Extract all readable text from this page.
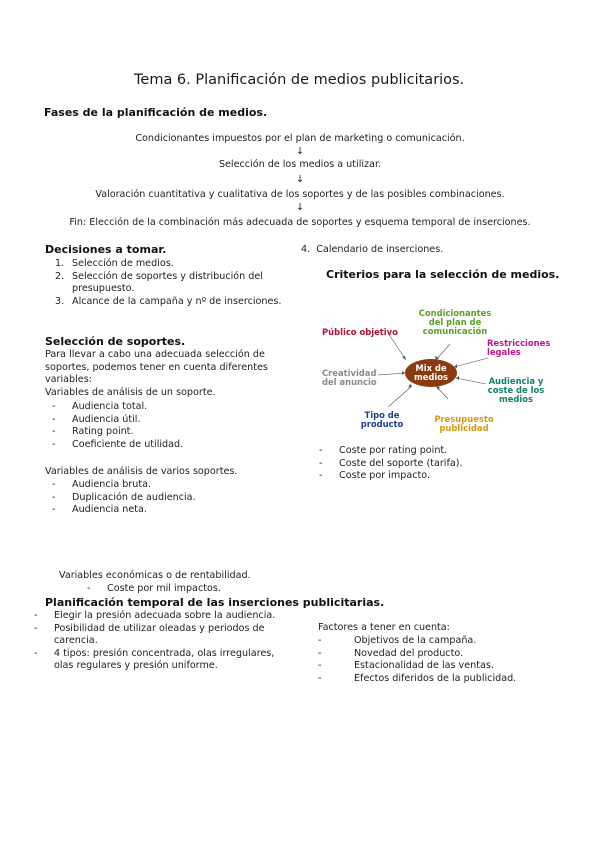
Tema 6. Planificación de medios publicitarios.
Fases de la planificación de medios.
Condicionantes impuestos por el plan de marketing o comunicación.
↓
Selección de los medios a utilizar.
↓
Valoración cuantitativa y cualitativa de los soportes y de las posibles combinaciones.
↓
Fin: Elección de la combinación más adecuada de soportes y esquema temporal de inserciones.
Decisiones a tomar.
1. Selección de medios.
2. Selección de soportes y distribución del
presupuesto.
3. Alcance de la campaña y nº de inserciones.
4. Calendario de inserciones.
Criterios para la selección de medios.
Mix de
medios
Público objetivo
Condicionantes
del plan de
comunicación
Restricciones
legales
Audiencia y
coste de los
medios
Presupuesto
publicidad
Tipo de
producto
Creatividad
del anuncio
- Coste por rating point.
- Coste del soporte (tarifa).
- Coste por impacto.
Selección de soportes.
Para llevar a cabo una adecuada selección de
soportes, podemos tener en cuenta diferentes
variables:
Variables de análisis de un soporte.
- Audiencia total.
- Audiencia útil.
- Rating point.
- Coeficiente de utilidad.
Variables de análisis de varios soportes.
- Audiencia bruta.
- Duplicación de audiencia.
- Audiencia neta.
Variables económicas o de rentabilidad.
- Coste por mil impactos.
Planificación temporal de las inserciones publicitarias.
- Elegir la presión adecuada sobre la audiencia.
- Posibilidad de utilizar oleadas y periodos de
carencia.
- 4 tipos: presión concentrada, olas irregulares,
olas regulares y presión uniforme.
Factores a tener en cuenta:
-	Objetivos de la campaña.
-	Novedad del producto.
-	Estacionalidad de las ventas.
-	Efectos diferidos de la publicidad.
